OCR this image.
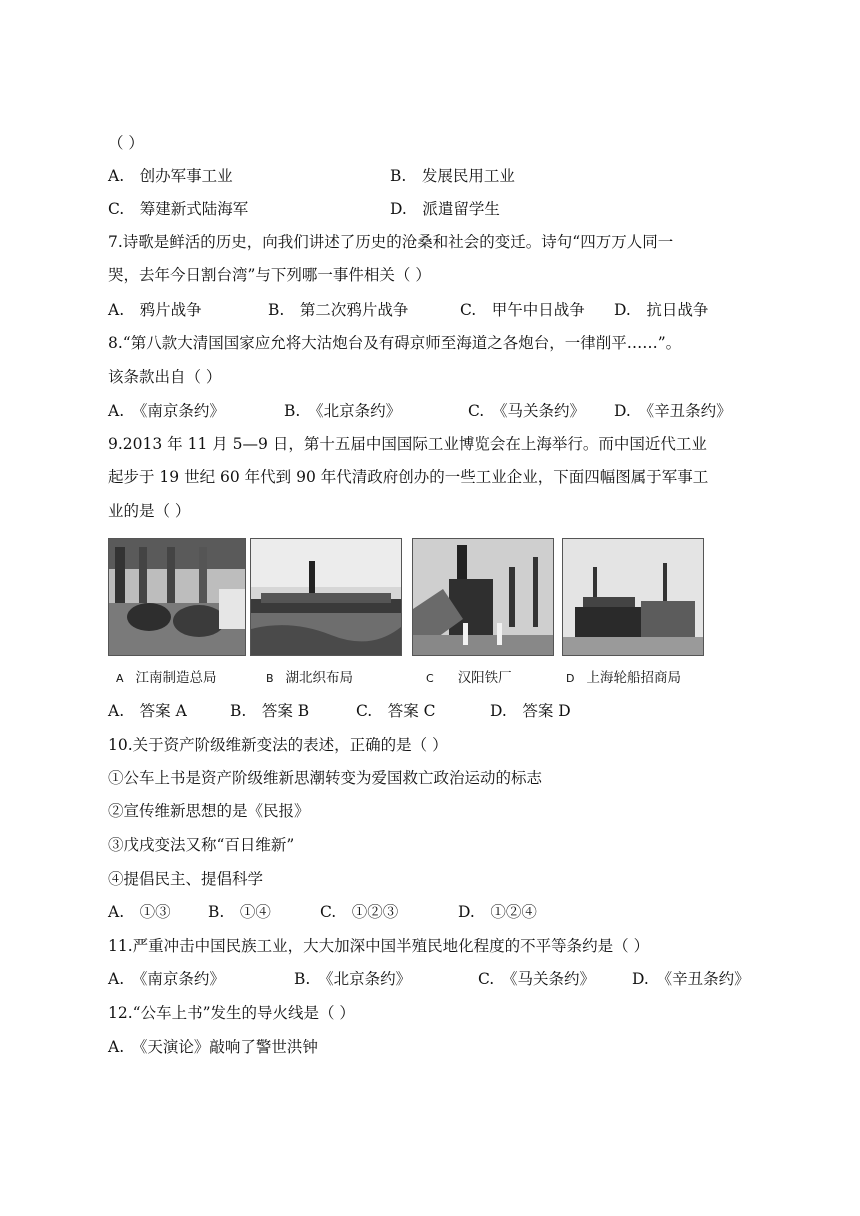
（ ）
A.　 创办军事工业	B.　 发展民用工业
C.　 筹建新式陆海军	D.　 派遣留学生
7.诗歌是鲜活的历史，向我们讲述了历史的沧桑和社会的变迁。诗句“四万万人同一
哭，去年今日割台湾”与下列哪一事件相关（ ）
A.　 鸦片战争	B.　 第二次鸦片战争	C.　 甲午中日战争 D.　 抗日战争
8.“第八款大清国国家应允将大沽炮台及有碍京师至海道之各炮台，一律削平……”。
该条款出自（ ）
A.　 《南京条约》	B.　 《北京条约》	C.　 《马关条约》 D.　 《辛丑条约》
9.2013 年 11 月 5—9 日，第十五届中国国际工业博览会在上海举行。而中国近代工业
起步于 19 世纪 60 年代到 90 年代清政府创办的一些工业企业，下面四幅图属于军事工
业的是（ ）
A 江南制造总局	B 湖北织布局	C 汉阳铁厂	D 上海轮船招商局
A.　 答案 A	B.　 答案 B	C.　 答案 C	D.　 答案 D
10.关于资产阶级维新变法的表述，正确的是（ ）
①公车上书是资产阶级维新思潮转变为爱国救亡政治运动的标志
②宣传维新思想的是《民报》
③戊戌变法又称“百日维新”
④提倡民主、提倡科学
A.　 ①③ B.　 ①④	C.　 ①②③	D.　 ①②④
11.严重冲击中国民族工业，大大加深中国半殖民地化程度的不平等条约是（ ）
A.　 《南京条约》	B.　 《北京条约》	C.　 《马关条约》 D.　 《辛丑条约》
12.“公车上书”发生的导火线是（ ）
A.　《天演论》敲响了警世洪钟
